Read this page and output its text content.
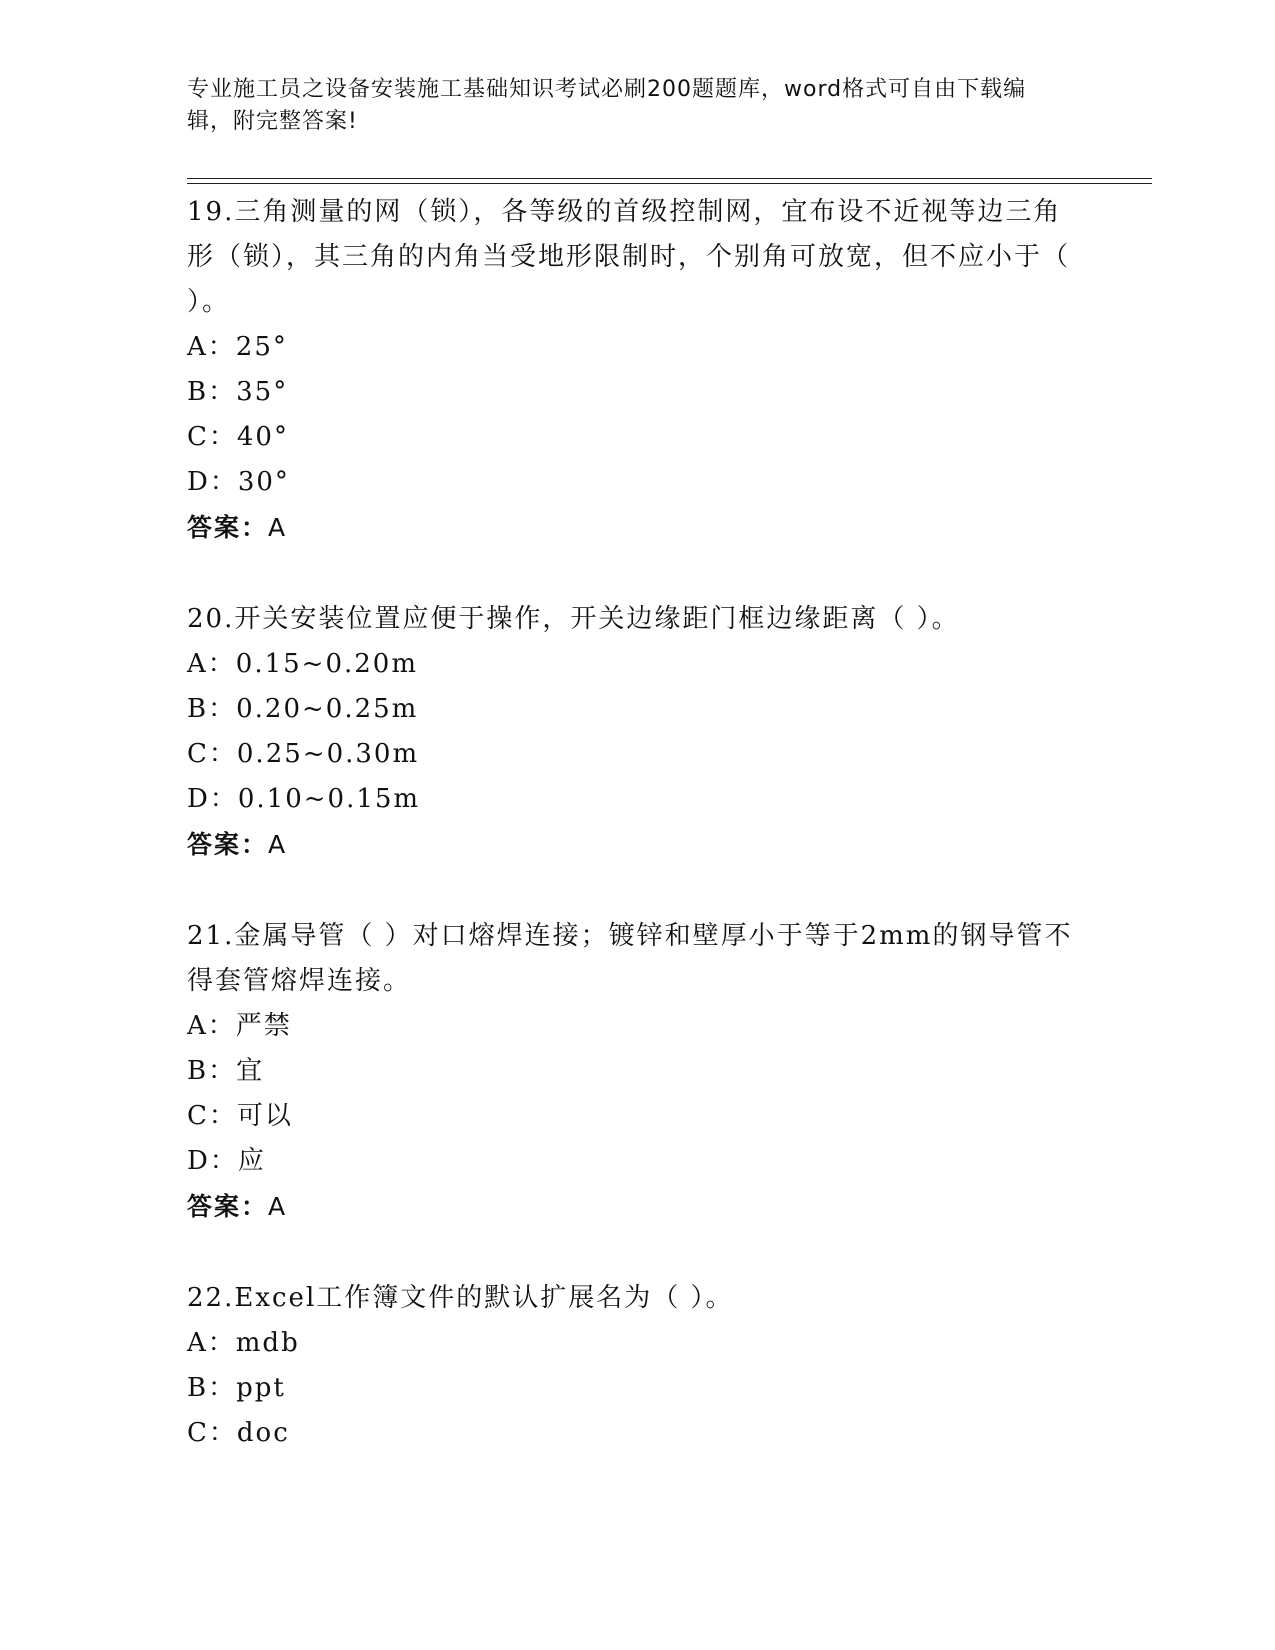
专业施工员之设备安装施工基础知识考试必刷200题题库，word格式可自由下载编辑，附完整答案!

19.三角测量的网（锁），各等级的首级控制网，宜布设不近视等边三角形（锁），其三角的内角当受地形限制时，个别角可放宽，但不应小于（ ）。

A：25°

B：35°

C：40°

D：30°

答案：A

20.开关安装位置应便于操作，开关边缘距门框边缘距离（ ）。

A：0.15~0.20m

B：0.20~0.25m

C：0.25~0.30m

D：0.10~0.15m

答案：A

21.金属导管（ ）对口熔焊连接；镀锌和壁厚小于等于2mm的钢导管不得套管熔焊连接。

A：严禁

B：宜

C：可以

D：应

答案：A

22.Excel工作簿文件的默认扩展名为（ ）。

A：mdb

B：ppt

C：doc
